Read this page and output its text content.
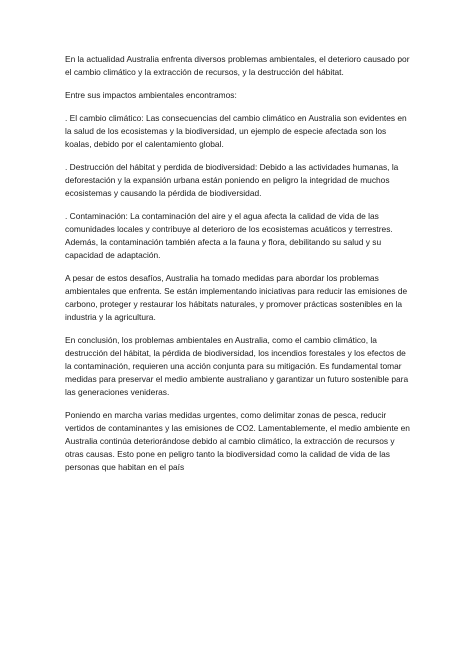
En la actualidad Australia enfrenta diversos problemas ambientales, el deterioro causado por el cambio climático y la extracción de recursos, y la destrucción del hábitat.

Entre sus impactos ambientales encontramos:

. El cambio climático: Las consecuencias del cambio climático en Australia son evidentes en la salud de los ecosistemas y la biodiversidad, un ejemplo de especie afectada son los koalas, debido por el calentamiento global.

. Destrucción del hábitat y perdida de biodiversidad: Debido a las actividades humanas, la deforestación y la expansión urbana están poniendo en peligro la integridad de muchos ecosistemas y causando la pérdida de biodiversidad.

. Contaminación: La contaminación del aire y el agua afecta la calidad de vida de las comunidades locales y contribuye al deterioro de los ecosistemas acuáticos y terrestres. Además, la contaminación también afecta a la fauna y flora, debilitando su salud y su capacidad de adaptación.

A pesar de estos desafíos, Australia ha tomado medidas para abordar los problemas ambientales que enfrenta. Se están implementando iniciativas para reducir las emisiones de carbono, proteger y restaurar los hábitats naturales, y promover prácticas sostenibles en la industria y la agricultura.

En conclusión, los problemas ambientales en Australia, como el cambio climático, la destrucción del hábitat, la pérdida de biodiversidad, los incendios forestales y los efectos de la contaminación, requieren una acción conjunta para su mitigación. Es fundamental tomar medidas para preservar el medio ambiente australiano y garantizar un futuro sostenible para las generaciones venideras.

Poniendo en marcha varias medidas urgentes, como delimitar zonas de pesca, reducir vertidos de contaminantes y las emisiones de CO2. Lamentablemente, el medio ambiente en Australia continúa deteriorándose debido al cambio climático, la extracción de recursos y otras causas. Esto pone en peligro tanto la biodiversidad como la calidad de vida de las personas que habitan en el país
